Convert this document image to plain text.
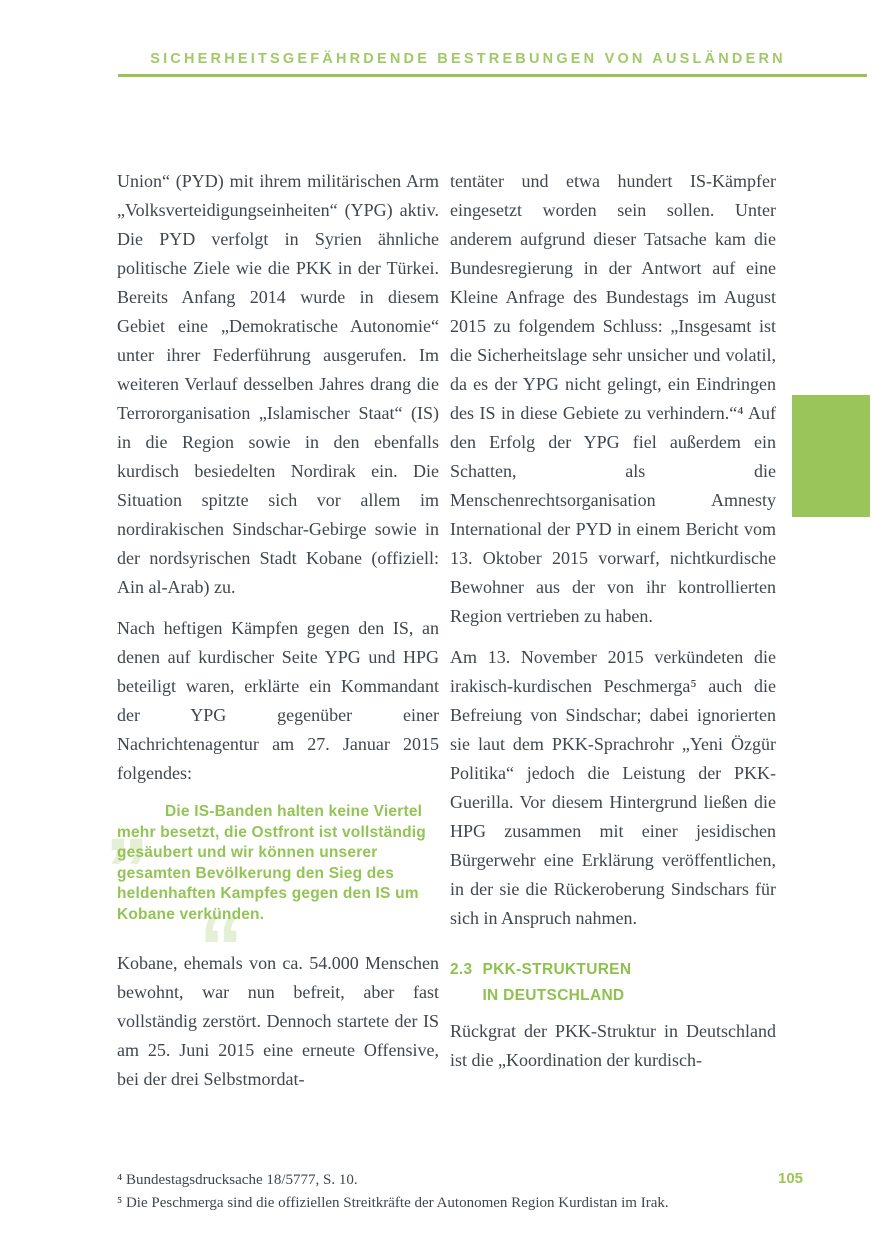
SICHERHEITSGEFÄHRDENDE BESTREBUNGEN VON AUSLÄNDERN

Union“ (PYD) mit ihrem militärischen Arm „Volksverteidigungseinheiten“ (YPG) aktiv. Die PYD verfolgt in Syrien ähnliche politische Ziele wie die PKK in der Türkei. Bereits Anfang 2014 wurde in diesem Gebiet eine „Demokratische Autonomie“ unter ihrer Federführung ausgerufen. Im weiteren Verlauf desselben Jahres drang die Terrororganisation „Islamischer Staat“ (IS) in die Region sowie in den ebenfalls kurdisch besiedelten Nordirak ein. Die Situation spitzte sich vor allem im nordirakischen Sindschar-Gebirge sowie in der nordsyrischen Stadt Kobane (offiziell: Ain al-Arab) zu.

Nach heftigen Kämpfen gegen den IS, an denen auf kurdischer Seite YPG und HPG beteiligt waren, erklärte ein Kommandant der YPG gegenüber einer Nachrichtenagentur am 27. Januar 2015 folgendes:

„
“

Die IS-Banden halten keine Viertel mehr besetzt, die Ostfront ist vollständig gesäubert und wir können unserer gesamten Bevölkerung den Sieg des heldenhaften Kampfes gegen den IS um Kobane verkünden.

Kobane, ehemals von ca. 54.000 Menschen bewohnt, war nun befreit, aber fast vollständig zerstört. Dennoch startete der IS am 25. Juni 2015 eine erneute Offensive, bei der drei Selbstmordat-

tentäter und etwa hundert IS-Kämpfer eingesetzt worden sein sollen. Unter anderem aufgrund dieser Tatsache kam die Bundesregierung in der Antwort auf eine Kleine Anfrage des Bundestags im August 2015 zu folgendem Schluss: „Insgesamt ist die Sicherheitslage sehr unsicher und volatil, da es der YPG nicht gelingt, ein Eindringen des IS in diese Gebiete zu verhindern.“⁴ Auf den Erfolg der YPG fiel außerdem ein Schatten, als die Menschenrechtsorganisation Amnesty International der PYD in einem Bericht vom 13. Oktober 2015 vorwarf, nichtkurdische Bewohner aus der von ihr kontrollierten Region vertrieben zu haben.

Am 13. November 2015 verkündeten die irakisch-kurdischen Peschmerga⁵ auch die Befreiung von Sindschar; dabei ignorierten sie laut dem PKK-Sprachrohr „Yeni Özgür Politika“ jedoch die Leistung der PKK-Guerilla. Vor diesem Hintergrund ließen die HPG zusammen mit einer jesidischen Bürgerwehr eine Erklärung veröffentlichen, in der sie die Rückeroberung Sindschars für sich in Anspruch nahmen.

2.3 PKK-STRUKTUREN
IN DEUTSCHLAND

Rückgrat der PKK-Struktur in Deutschland ist die „Koordination der kurdisch-

⁴ Bundestagsdrucksache 18/5777, S. 10.

⁵ Die Peschmerga sind die offiziellen Streitkräfte der Autonomen Region Kurdistan im Irak.

105
